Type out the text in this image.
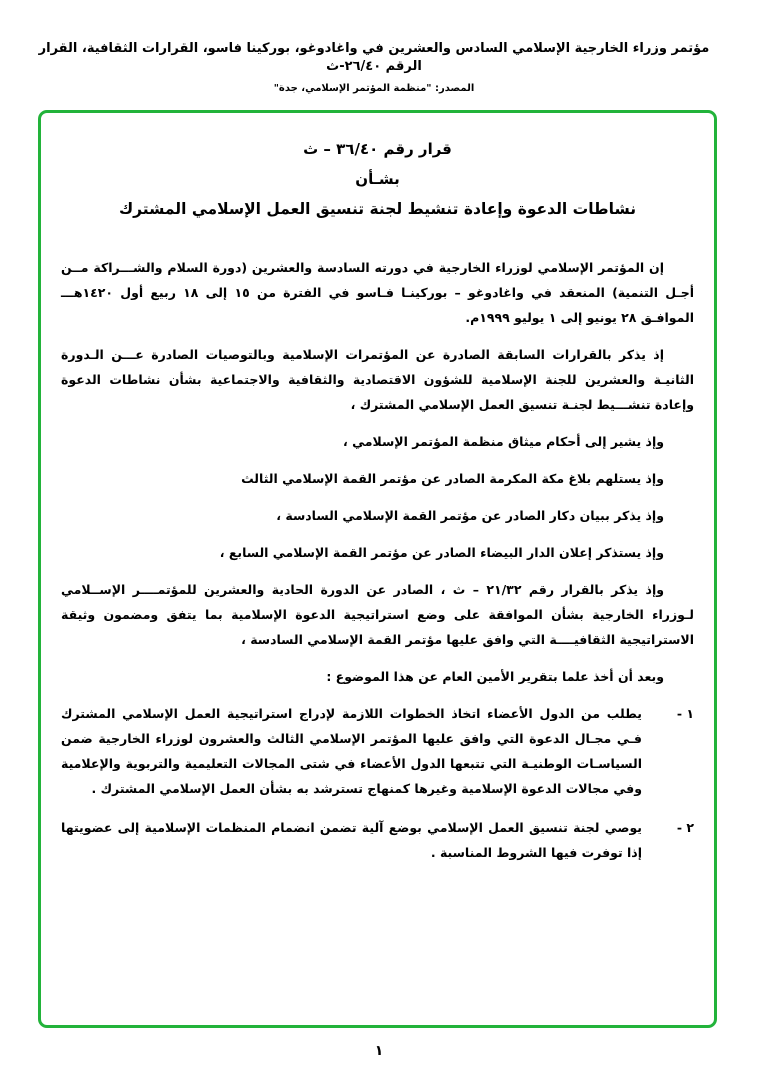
مؤتمر وزراء الخارجية الإسلامي السادس والعشرين في واغادوغو، بوركينا فاسو، القرارات الثقافية، القرار الرقم ٢٦/٤٠-ث
المصدر: "منظمة المؤتمر الإسلامي، جدة"
قرار رقم ٣٦/٤٠ – ث
بشـأن
نشاطات الدعوة وإعادة تنشيط لجنة تنسيق العمل الإسلامي المشترك

إن المؤتمر الإسلامي لوزراء الخارجية في دورته السادسة والعشرين (دورة السلام والشـــراكة مــن أجـل التنمية) المنعقد في واغادوغو – بوركينـا فـاسو في الفترة من ١٥ إلى ١٨ ربيع أول ١٤٢٠هـــ الموافـق ٢٨ يونيو إلى ١ يوليو ١٩٩٩م.

إذ يذكر بالقرارات السابقة الصادرة عن المؤتمرات الإسلامية وبالتوصيات الصادرة عـــن الـدورة الثانيـة والعشرين للجنة الإسلامية للشؤون الاقتصادية والثقافية والاجتماعية بشأن نشاطات الدعوة وإعادة تنشـــيط لجنـة تنسيق العمل الإسلامي المشترك ،

وإذ يشير إلى أحكام ميثاق منظمة المؤتمر الإسلامي ،

وإذ يستلهم بلاغ مكة المكرمة الصادر عن مؤتمر القمة الإسلامي الثالث

وإذ يذكر ببيان دكار الصادر عن مؤتمر القمة الإسلامي السادسة ،

وإذ يستذكر إعلان الدار البيضاء الصادر عن مؤتمر القمة الإسلامي السابع ،

وإذ يذكر بالقرار رقم ٢١/٣٢ – ث ، الصادر عن الدورة الحادية والعشرين للمؤتمــــر الإســلامي لـوزراء الخارجية بشأن الموافقة على وضع استراتيجية الدعوة الإسلامية بما يتفق ومضمون وثيقة الاستراتيجية الثقافيــــة التي وافق عليها مؤتمر القمة الإسلامي السادسة ،

وبعد أن أخذ علما بتقرير الأمين العام عن هذا الموضوع :

١ -
يطلب من الدول الأعضاء اتخاذ الخطوات اللازمة لإدراج استراتيجية العمل الإسلامي المشترك فـي مجـال الدعوة التي وافق عليها المؤتمر الإسلامي الثالث والعشرون لوزراء الخارجية ضمن السياسـات الوطنيـة التي تتبعها الدول الأعضاء في شتى المجالات التعليمية والتربوية والإعلامية وفي مجالات الدعوة الإسلامية وغيرها كمنهاج تسترشد به بشأن العمل الإسلامي المشترك .
٢ -
يوصي لجنة تنسيق العمل الإسلامي بوضع آلية تضمن انضمام المنظمات الإسلامية إلى عضويتها إذا توفرت فيها الشروط المناسبة .
١
